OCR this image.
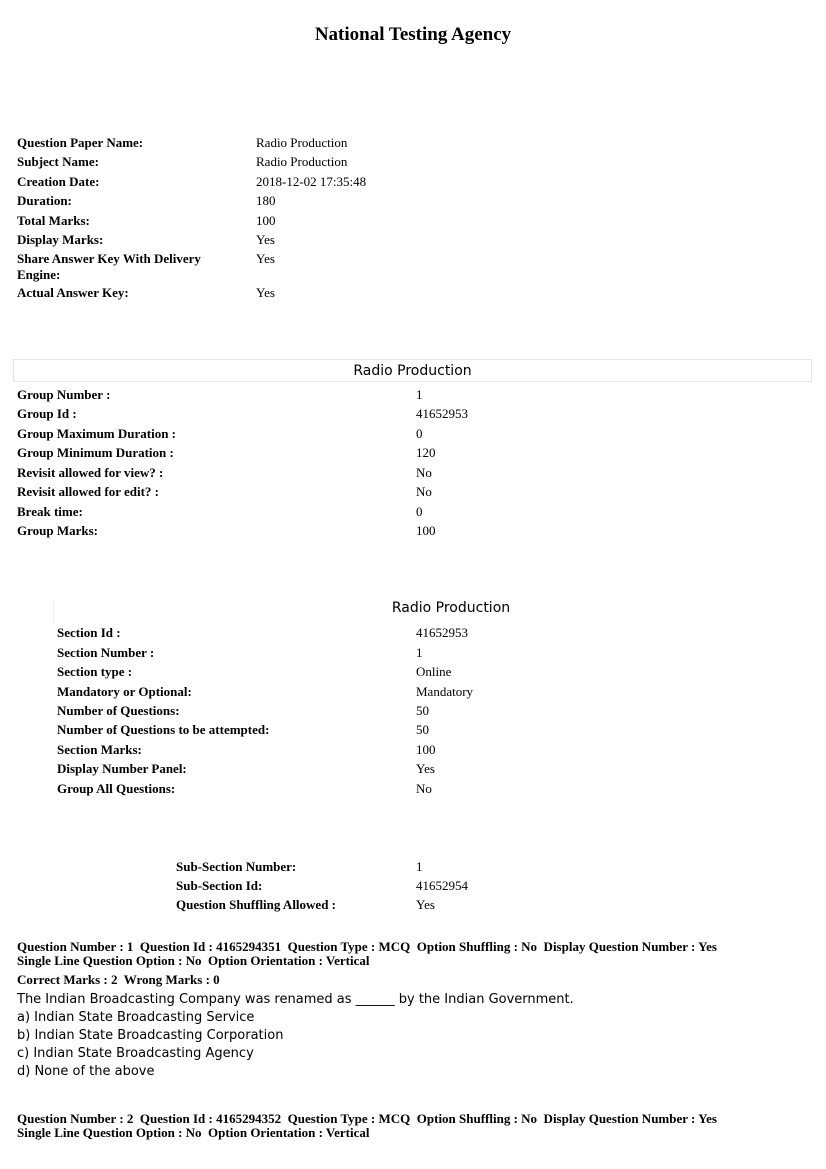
National Testing Agency
Question Paper Name:	Radio Production
Subject Name:	Radio Production
Creation Date:	2018-12-02 17:35:48
Duration:	180
Total Marks:	100
Display Marks:	Yes
Share Answer Key With Delivery Engine:
Yes
Actual Answer Key:	Yes
Radio Production
Group Number :	1
Group Id :	41652953
Group Maximum Duration :	0
Group Minimum Duration :	120
Revisit allowed for view? :	No
Revisit allowed for edit? :	No
Break time:	0
Group Marks:	100
Radio Production
Section Id :	41652953
Section Number :	1
Section type :	Online
Mandatory or Optional:	Mandatory
Number of Questions:	50
Number of Questions to be attempted:	50
Section Marks:	100
Display Number Panel:	Yes
Group All Questions:	No
Sub-Section Number:	1
Sub-Section Id:	41652954
Question Shuffling Allowed :	Yes
Question Number : 1  Question Id : 4165294351  Question Type : MCQ  Option Shuffling : No  Display Question Number : Yes
Single Line Question Option : No  Option Orientation : Vertical
Correct Marks : 2  Wrong Marks : 0
The Indian Broadcasting Company was renamed as ______ by the Indian Government.
a) Indian State Broadcasting Service
b) Indian State Broadcasting Corporation
c) Indian State Broadcasting Agency
d) None of the above
Question Number : 2  Question Id : 4165294352  Question Type : MCQ  Option Shuffling : No  Display Question Number : Yes
Single Line Question Option : No  Option Orientation : Vertical
